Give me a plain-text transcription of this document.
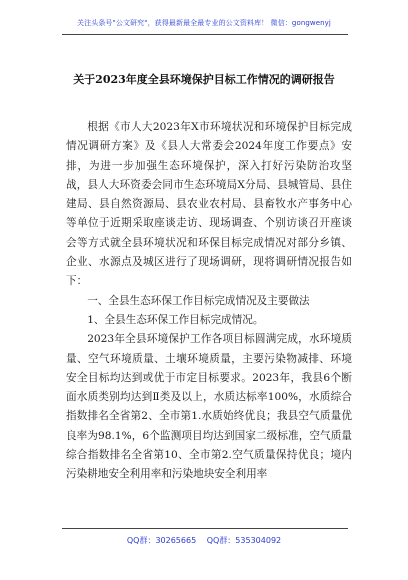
关注头条号"公文研究"，获得最新最全最专业的公文资料库！ 微信：gongwenyj
关于2023年度全县环境保护目标工作情况的调研报告

根据《市人大2023年X市环境状况和环境保护目标完成情况调研方案》及《县人大常委会2024年度工作要点》安排，为进一步加强生态环境保护，深入打好污染防治攻坚战，县人大环资委会同市生态环境局X分局、县城管局、县住建局、县自然资源局、县农业农村局、县畜牧水产事务中心等单位于近期采取座谈走访、现场调查、个别访谈召开座谈会等方式就全县环境状况和环保目标完成情况对部分乡镇、企业、水源点及城区进行了现场调研，现将调研情况报告如下：

一、全县生态环保工作目标完成情况及主要做法

1、全县生态环保工作目标完成情况。

2023年全县环境保护工作各项目标圆满完成，水环境质量、空气环境质量、土壤环境质量，主要污染物减排、环境安全目标均达到或优于市定目标要求。2023年，我县6个断面水质类别均达到Ⅱ类及以上，水质达标率100%，水质综合指数排名全省第2、全市第1.水质始终优良；我县空气质量优良率为98.1%，6个监测项目均达到国家二级标准，空气质量综合指数排名全省第10、全市第2.空气质量保持优良；境内污染耕地安全利用率和污染地块安全利用率

QQ群：30265665 QQ群：535304092
